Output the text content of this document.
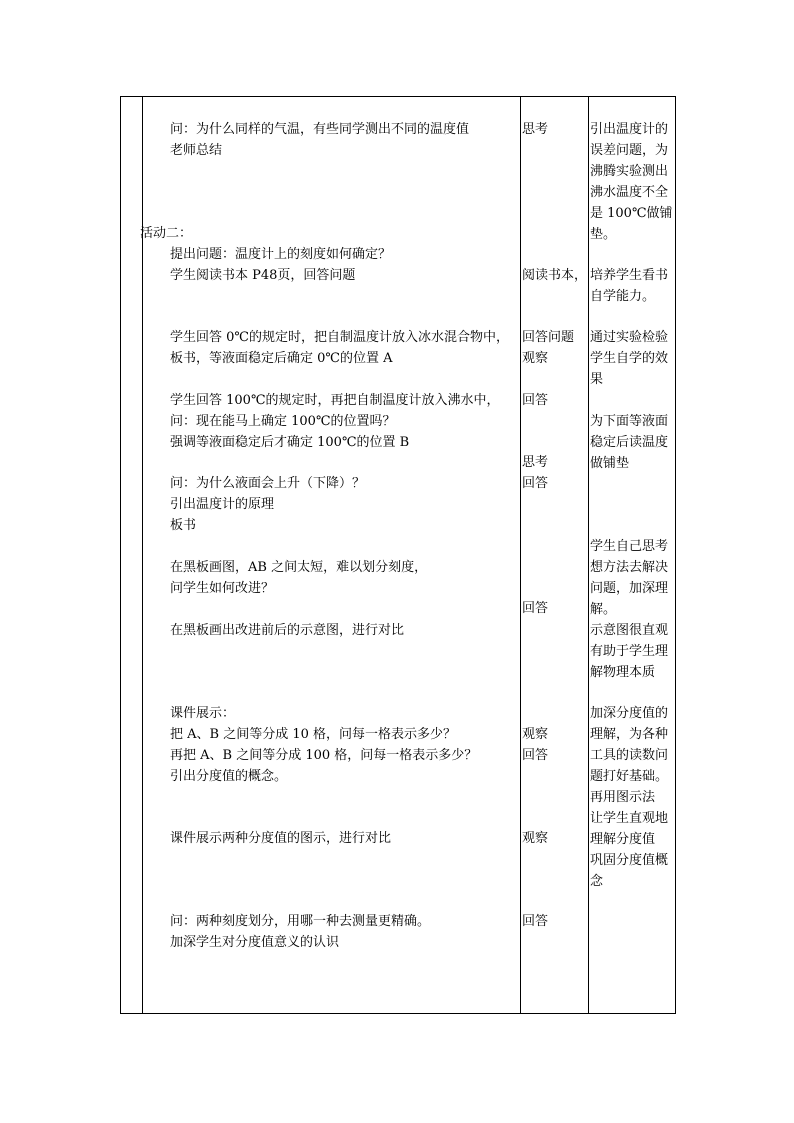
问：为什么同样的气温，有些同学测出不同的温度值
老师总结
活动二：
提出问题：温度计上的刻度如何确定？
学生阅读书本 P48页，回答问题
学生回答 0℃的规定时，把自制温度计放入冰水混合物中，
板书，等液面稳定后确定 0℃的位置 A
学生回答 100℃的规定时，再把自制温度计放入沸水中，
问：现在能马上确定 100℃的位置吗？
强调等液面稳定后才确定 100℃的位置 B
问：为什么液面会上升（下降）？
引出温度计的原理
板书
在黑板画图，AB 之间太短，难以划分刻度，
问学生如何改进？
在黑板画出改进前后的示意图，进行对比
课件展示：
把 A、B 之间等分成 10 格，问每一格表示多少？
再把 A、B 之间等分成 100 格，问每一格表示多少？
引出分度值的概念。
课件展示两种分度值的图示，进行对比
问：两种刻度划分，用哪一种去测量更精确。
加深学生对分度值意义的认识
思考
阅读书本，
回答问题
观察
回答
思考
回答
回答
观察
回答
观察
回答
引出温度计的
误差问题，为
沸腾实验测出
沸水温度不全
是 100℃做铺
垫。
培养学生看书
自学能力。
通过实验检验
学生自学的效
果
为下面等液面
稳定后读温度
做铺垫
学生自己思考
想方法去解决
问题，加深理
解。
示意图很直观
有助于学生理
解物理本质
加深分度值的
理解，为各种
工具的读数问
题打好基础。
再用图示法
让学生直观地
理解分度值
巩固分度值概
念
